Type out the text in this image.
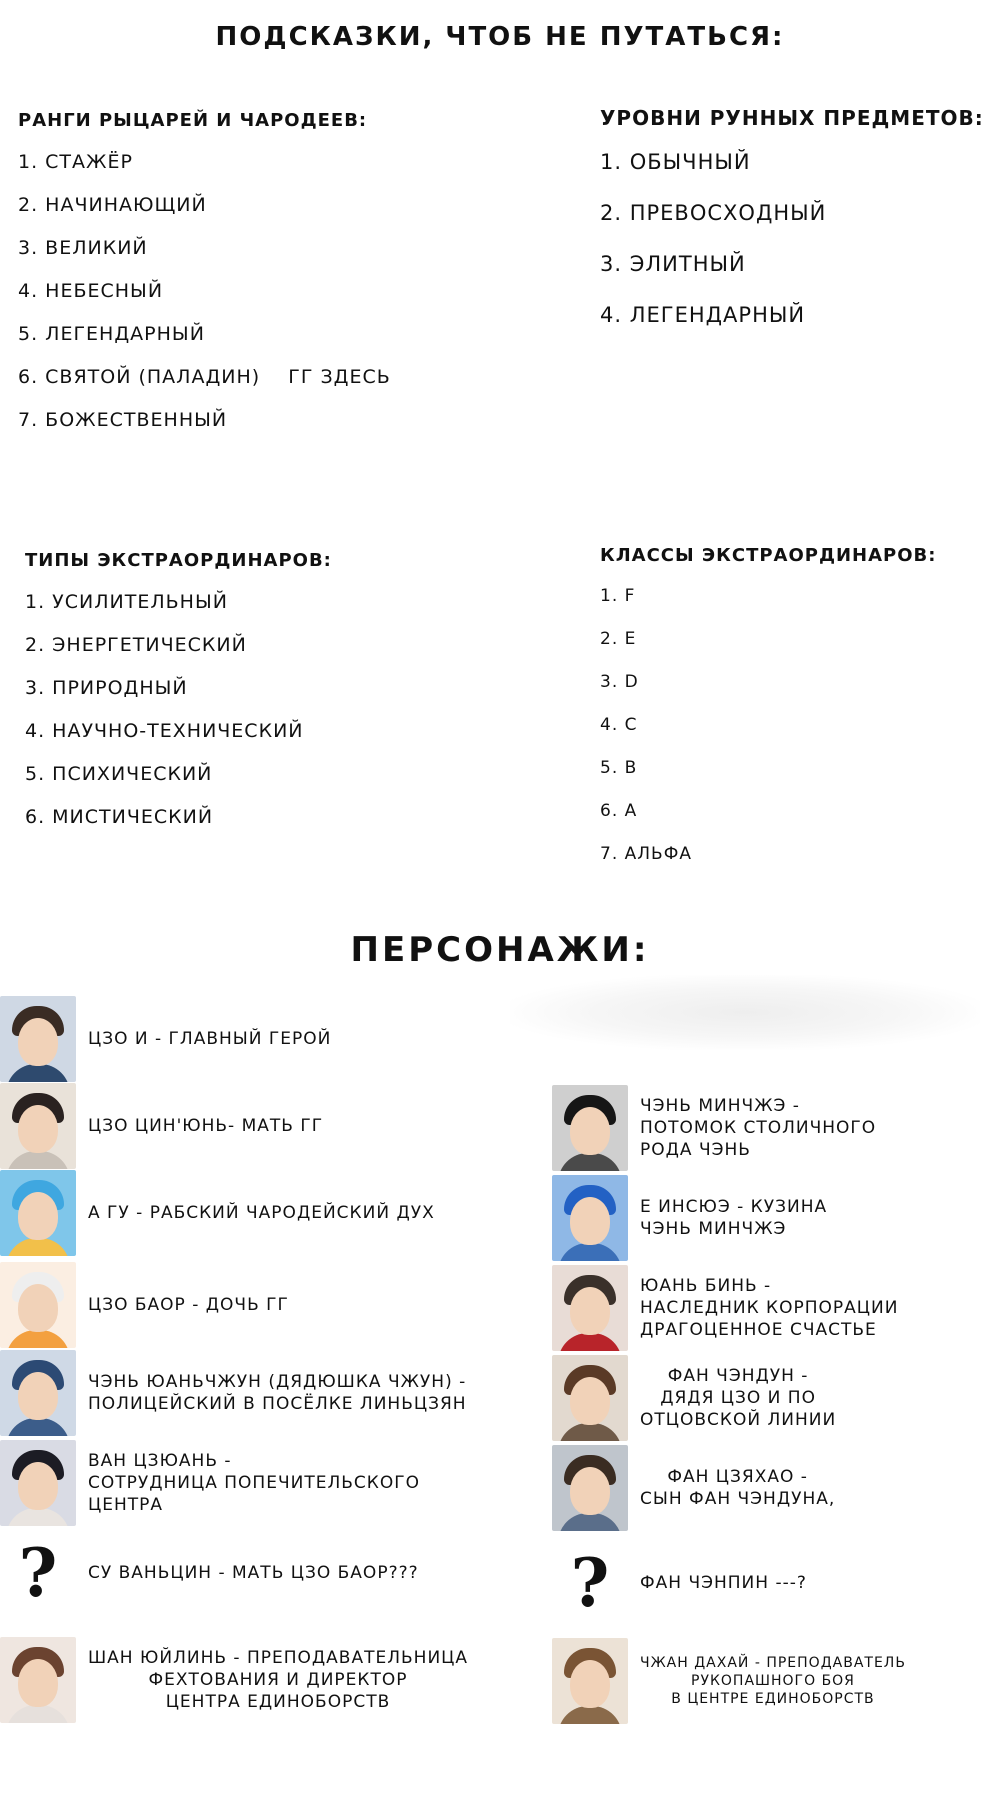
ПОДСКАЗКИ, ЧТОБ НЕ ПУТАТЬСЯ:
РАНГИ РЫЦАРЕЙ И ЧАРОДЕЕВ:
1. СТАЖЁР
2. НАЧИНАЮЩИЙ
3. ВЕЛИКИЙ
4. НЕБЕСНЫЙ
5. ЛЕГЕНДАРНЫЙ
6. СВЯТОЙ (ПАЛАДИН) ГГ ЗДЕСЬ
7. БОЖЕСТВЕННЫЙ
УРОВНИ РУННЫХ ПРЕДМЕТОВ:
1. ОБЫЧНЫЙ
2. ПРЕВОСХОДНЫЙ
3. ЭЛИТНЫЙ
4. ЛЕГЕНДАРНЫЙ
ТИПЫ ЭКСТРАОРДИНАРОВ:
1. УСИЛИТЕЛЬНЫЙ
2. ЭНЕРГЕТИЧЕСКИЙ
3. ПРИРОДНЫЙ
4. НАУЧНО-ТЕХНИЧЕСКИЙ
5. ПСИХИЧЕСКИЙ
6. МИСТИЧЕСКИЙ
КЛАССЫ ЭКСТРАОРДИНАРОВ:
1. F
2. E
3. D
4. C
5. B
6. A
7. АЛЬФА
ПЕРСОНАЖИ:
ЦЗО И - ГЛАВНЫЙ ГЕРОЙ
ЦЗО ЦИН'ЮНЬ- МАТЬ ГГ
А ГУ - РАБСКИЙ ЧАРОДЕЙСКИЙ ДУХ
ЦЗО БАОР - ДОЧЬ ГГ
ЧЭНЬ ЮАНЬЧЖУН (ДЯДЮШКА ЧЖУН) -
ПОЛИЦЕЙСКИЙ В ПОСЁЛКЕ ЛИНЬЦЗЯН
ВАН ЦЗЮАНЬ -
СОТРУДНИЦА ПОПЕЧИТЕЛЬСКОГО
ЦЕНТРА
?	СУ ВАНЬЦИН - МАТЬ ЦЗО БАОР???
ШАН ЮЙЛИНЬ - ПРЕПОДАВАТЕЛЬНИЦА
ФЕХТОВАНИЯ И ДИРЕКТОР
ЦЕНТРА ЕДИНОБОРСТВ
ЧЭНЬ МИНЧЖЭ -
ПОТОМОК СТОЛИЧНОГО
РОДА ЧЭНЬ
Е ИНСЮЭ - КУЗИНА
ЧЭНЬ МИНЧЖЭ
ЮАНЬ БИНЬ -
НАСЛЕДНИК КОРПОРАЦИИ
ДРАГОЦЕННОЕ СЧАСТЬЕ
ФАН ЧЭНДУН -
ДЯДЯ ЦЗО И ПО
ОТЦОВСКОЙ ЛИНИИ
ФАН ЦЗЯХАО -
СЫН ФАН ЧЭНДУНА,
?	ФАН ЧЭНПИН ---?
ЧЖАН ДАХАЙ - ПРЕПОДАВАТЕЛЬ
РУКОПАШНОГО БОЯ
В ЦЕНТРЕ ЕДИНОБОРСТВ
